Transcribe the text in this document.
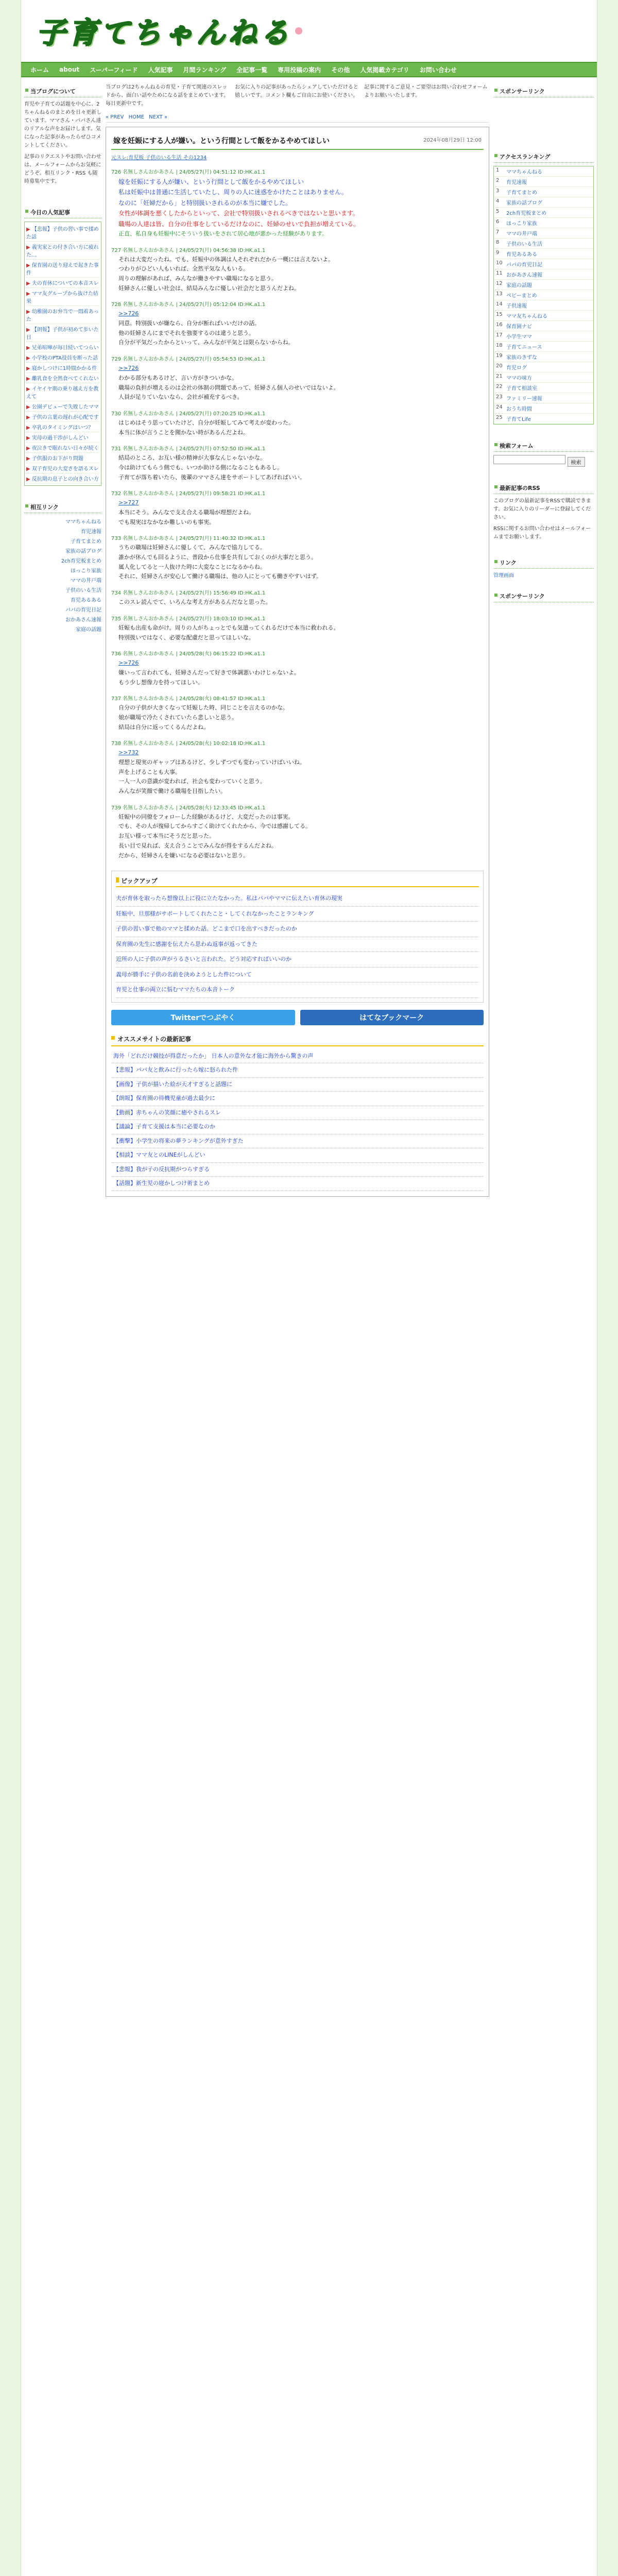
子育てちゃんねる
ホーム	about	スーパーフィード	人気記事	月間ランキング	全記事一覧	専用投稿の案内	その他	人気掲載カテゴリ	お問い合わせ
当ブログについて

育児や子育ての話題を中心に、2ちゃんねるのまとめを日々更新しています。ママさん・パパさん達のリアルな声をお届けします。気になった記事があったらぜひコメントしてください。

記事のリクエストやお問い合わせは、メールフォームからお気軽にどうぞ。相互リンク・RSS も随時募集中です。

今日の人気記事
▶ 【悲報】子供の習い事で揉めた話
▶ 義実家との付き合い方に疲れた…
▶ 保育園の送り迎えで起きた事件
▶ 夫の育休についての本音スレ
▶ ママ友グループから抜けた結果
▶ 幼稚園のお弁当で一悶着あった
▶ 【朗報】子供が初めて歩いた日
▶ 兄弟喧嘩が毎日続いてつらい
▶ 小学校のPTA役員を断った話
▶ 寝かしつけに1時間かかる件
▶ 離乳食を全然食べてくれない
▶ イヤイヤ期の乗り越え方を教えて
▶ 公園デビューで失敗したママ
▶ 子供の言葉の遅れが心配です
▶ 卒乳のタイミングはいつ？
▶ 実母の過干渉がしんどい
▶ 夜泣きで眠れない日々が続く
▶ 子供服のお下がり問題
▶ 双子育児の大変さを語るスレ
▶ 反抗期の息子との向き合い方
相互リンク
ママちゃんねる
育児速報
子育てまとめ
家族の話ブログ
2ch育児板まとめ
ほっこり家族
ママの井戸端
子供のいる生活
育児あるある
パパの育児日記
おかあさん速報
家庭の話題
当ブログは2ちゃんねるの育児・子育て関連のスレッドから、面白い話やためになる話をまとめています。毎日更新中です。
お気に入りの記事があったらシェアしていただけると嬉しいです。コメント欄もご自由にお使いください。
記事に関するご意見・ご要望はお問い合わせフォームよりお願いいたします。
« PREV HOME NEXT »
嫁を妊娠にする人が嫌い。という行間として飯をかるやめてほしい	2024年08月29日 12:00
元スレ:育児板 子供のいる生活 その1234
726 名無しさんおかあさん | 24/05/27(月) 04:51:12 ID:HK.a1.1

嫁を妊娠にする人が嫌い、という行間として飯をかるやめてほしい

私は妊娠中は普通に生活していたし、周りの人に迷惑をかけたことはありません。

なのに「妊婦だから」と特別扱いされるのが本当に嫌でした。

女性が体調を悪くしたからといって、会社で特別扱いされるべきではないと思います。

職場の人達は皆、自分の仕事をしているだけなのに、妊婦のせいで負担が増えている。

正直、私自身も妊娠中にそういう扱いをされて居心地が悪かった経験があります。

727 名無しさんおかあさん | 24/05/27(月) 04:56:38 ID:HK.a1.1

それは大変だったね。でも、妊娠中の体調は人それぞれだから一概には言えないよ。

つわりがひどい人もいれば、全然平気な人もいる。

周りの理解があれば、みんなが働きやすい職場になると思う。

妊婦さんに優しい社会は、結局みんなに優しい社会だと思うんだよね。

728 名無しさんおかあさん | 24/05/27(月) 05:12:04 ID:HK.a1.1

>>726

同意。特別扱いが嫌なら、自分が断ればいいだけの話。

他の妊婦さんにまでそれを強要するのは違うと思う。

自分が平気だったからといって、みんなが平気とは限らないからね。

729 名無しさんおかあさん | 24/05/27(月) 05:54:53 ID:HK.a1.1

>>726

わかる部分もあるけど、言い方がきついかな。

職場の負担が増えるのは会社の体制の問題であって、妊婦さん個人のせいではないよ。

人員が足りていないなら、会社が補充するべき。

730 名無しさんおかあさん | 24/05/27(月) 07:20:25 ID:HK.a1.1

はじめはそう思っていたけど、自分が妊娠してみて考えが変わった。

本当に体が言うことを聞かない時があるんだよね。

731 名無しさんおかあさん | 24/05/27(月) 07:52:50 ID:HK.a1.1

結局のところ、お互い様の精神が大事なんじゃないかな。

今は助けてもらう側でも、いつか助ける側になることもあるし。

子育てが落ち着いたら、後輩のママさん達をサポートしてあげればいい。

732 名無しさんおかあさん | 24/05/27(月) 09:58:21 ID:HK.a1.1

>>727

本当にそう。みんなで支え合える職場が理想だよね。

でも現実はなかなか難しいのも事実。

733 名無しさんおかあさん | 24/05/27(月) 11:40:32 ID:HK.a1.1

うちの職場は妊婦さんに優しくて、みんなで協力してる。

誰かが休んでも回るように、普段から仕事を共有しておくのが大事だと思う。

属人化してると一人抜けた時に大変なことになるからね。

それに、妊婦さんが安心して働ける職場は、他の人にとっても働きやすいはず。

734 名無しさんおかあさん | 24/05/27(月) 15:56:49 ID:HK.a1.1

このスレ読んでて、いろんな考え方があるんだなと思った。

735 名無しさんおかあさん | 24/05/27(月) 18:03:10 ID:HK.a1.1

妊娠も出産も命がけ。周りの人がちょっとでも気遣ってくれるだけで本当に救われる。

特別扱いではなく、必要な配慮だと思ってほしいな。

736 名無しさんおかあさん | 24/05/28(火) 06:15:22 ID:HK.a1.1

>>726

嫌いって言われても、妊婦さんだって好きで体調悪いわけじゃないよ。

もう少し想像力を持ってほしい。

737 名無しさんおかあさん | 24/05/28(火) 08:41:57 ID:HK.a1.1

自分の子供が大きくなって妊娠した時、同じことを言えるのかな。

娘が職場で冷たくされていたら悲しいと思う。

結局は自分に返ってくるんだよね。

738 名無しさんおかあさん | 24/05/28(火) 10:02:18 ID:HK.a1.1

>>732

理想と現実のギャップはあるけど、少しずつでも変わっていけばいいね。

声を上げることも大事。

一人一人の意識が変われば、社会も変わっていくと思う。

みんなが笑顔で働ける職場を目指したい。

739 名無しさんおかあさん | 24/05/28(火) 12:33:45 ID:HK.a1.1

妊娠中の同僚をフォローした経験があるけど、大変だったのは事実。

でも、その人が復帰してからすごく助けてくれたから、今では感謝してる。

お互い様って本当にそうだと思った。

長い目で見れば、支え合うことでみんなが得をするんだよね。

だから、妊婦さんを嫌いになる必要はないと思う。

ピックアップ
夫が育休を取ったら想像以上に役に立たなかった。私はパパやママに伝えたい育休の現実
妊娠中、旦那様がサポートしてくれたこと・してくれなかったことランキング
子供の習い事で他のママと揉めた話。どこまで口を出すべきだったのか
保育園の先生に感謝を伝えたら思わぬ返事が返ってきた
近所の人に子供の声がうるさいと言われた。どう対応すればいいのか
義母が勝手に子供の名前を決めようとした件について
育児と仕事の両立に悩むママたちの本音トーク
Twitterでつぶやく	はてなブックマーク
オススメサイトの最新記事
海外「どれだけ競技が得意だったか」 日本人の意外な才能に海外から驚きの声
【悲報】パパ友と飲みに行ったら嫁に怒られた件
【画像】子供が描いた絵が天才すぎると話題に
【朗報】保育園の待機児童が過去最少に
【動画】赤ちゃんの笑顔に癒やされるスレ
【議論】子育て支援は本当に必要なのか
【衝撃】小学生の将来の夢ランキングが意外すぎた
【相談】ママ友とのLINEがしんどい
【悲報】我が子の反抗期がつらすぎる
【話題】新生児の寝かしつけ術まとめ
スポンサーリンク
アクセスランキング
1	ママちゃんねる
2	育児速報
3	子育てまとめ
4	家族の話ブログ
5	2ch育児板まとめ
6	ほっこり家族
7	ママの井戸端
8	子供のいる生活
9	育児あるある
10 パパの育児日記
11 おかあさん速報
12 家庭の話題
13 ベビーまとめ
14 子供速報
15 ママ友ちゃんねる
16 保育園ナビ
17 小学生ママ
18 子育てニュース
19 家族のきずな
20 育児ログ
21 ママの味方
22 子育て相談室
23 ファミリー速報
24 おうち時間
25 子育てLife
検索フォーム
検索
最新記事のRSS

このブログの最新記事をRSSで購読できます。お気に入りのリーダーに登録してください。

RSSに関するお問い合わせはメールフォームまでお願いします。

リンク
管理画面
スポンサーリンク
